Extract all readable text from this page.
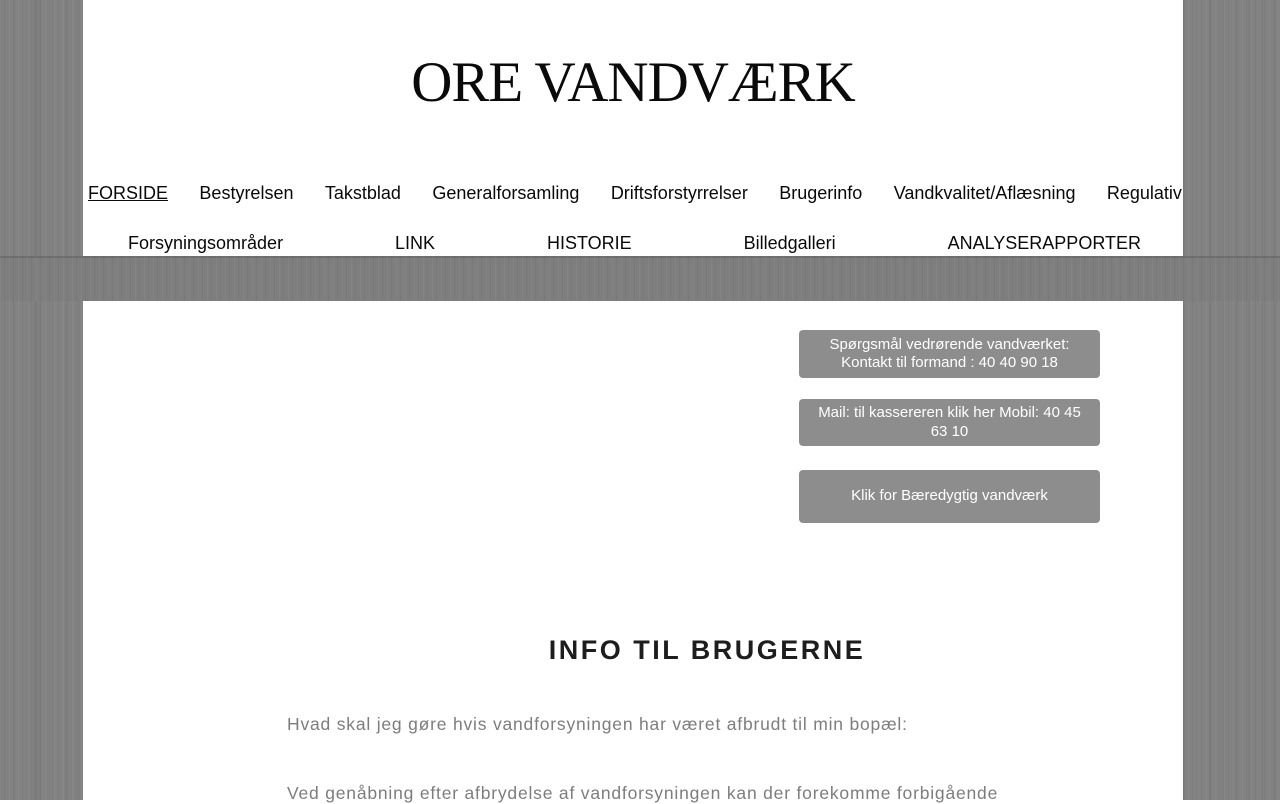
ORE VANDVÆRK
FORSIDE Bestyrelsen Takstblad Generalforsamling Driftsforstyrrelser Brugerinfo Vandkvalitet/Aflæsning Regulativ
Forsyningsområder	LINK	HISTORIE	Billedgalleri	ANALYSERAPPORTER
Spørgsmål vedrørende vandværket: Kontakt til formand : 40 40 90 18
Mail: til kassereren klik her Mobil: 40 45 63 10
Klik for Bæredygtig vandværk
INFO TIL BRUGERNE

Hvad skal jeg gøre hvis vandforsyningen har været afbrudt til min bopæl:

Ved genåbning efter afbrydelse af vandforsyningen kan der forekomme forbigående
